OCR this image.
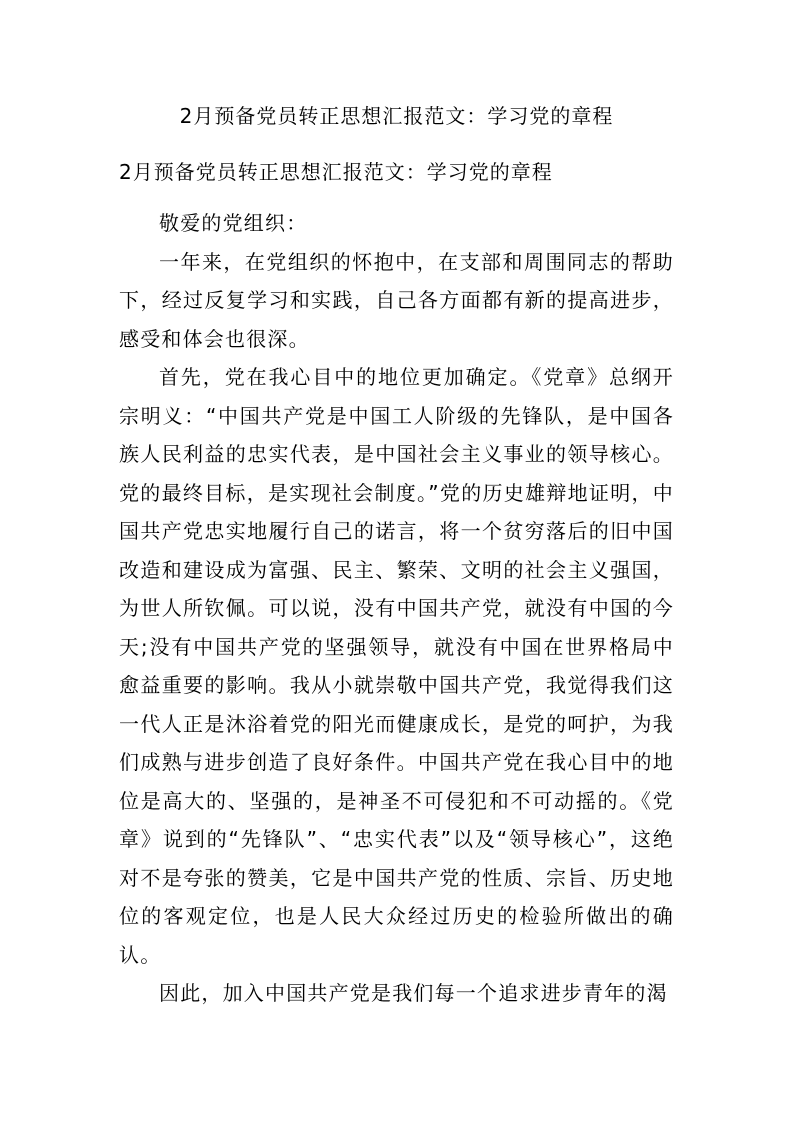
2月预备党员转正思想汇报范文：学习党的章程

2月预备党员转正思想汇报范文：学习党的章程

敬爱的党组织：

一年来，在党组织的怀抱中，在支部和周围同志的帮助下，经过反复学习和实践，自己各方面都有新的提高进步，感受和体会也很深。

首先，党在我心目中的地位更加确定。《党章》总纲开宗明义：“中国共产党是中国工人阶级的先锋队，是中国各族人民利益的忠实代表，是中国社会主义事业的领导核心。党的最终目标，是实现社会制度。”党的历史雄辩地证明，中国共产党忠实地履行自己的诺言，将一个贫穷落后的旧中国改造和建设成为富强、民主、繁荣、文明的社会主义强国，为世人所钦佩。可以说，没有中国共产党，就没有中国的今天;没有中国共产党的坚强领导，就没有中国在世界格局中愈益重要的影响。我从小就崇敬中国共产党，我觉得我们这一代人正是沐浴着党的阳光而健康成长，是党的呵护，为我们成熟与进步创造了良好条件。中国共产党在我心目中的地位是高大的、坚强的，是神圣不可侵犯和不可动摇的。《党章》说到的“先锋队”、“忠实代表”以及“领导核心”，这绝对不是夸张的赞美，它是中国共产党的性质、宗旨、历史地位的客观定位，也是人民大众经过历史的检验所做出的确认。

因此，加入中国共产党是我们每一个追求进步青年的渴
